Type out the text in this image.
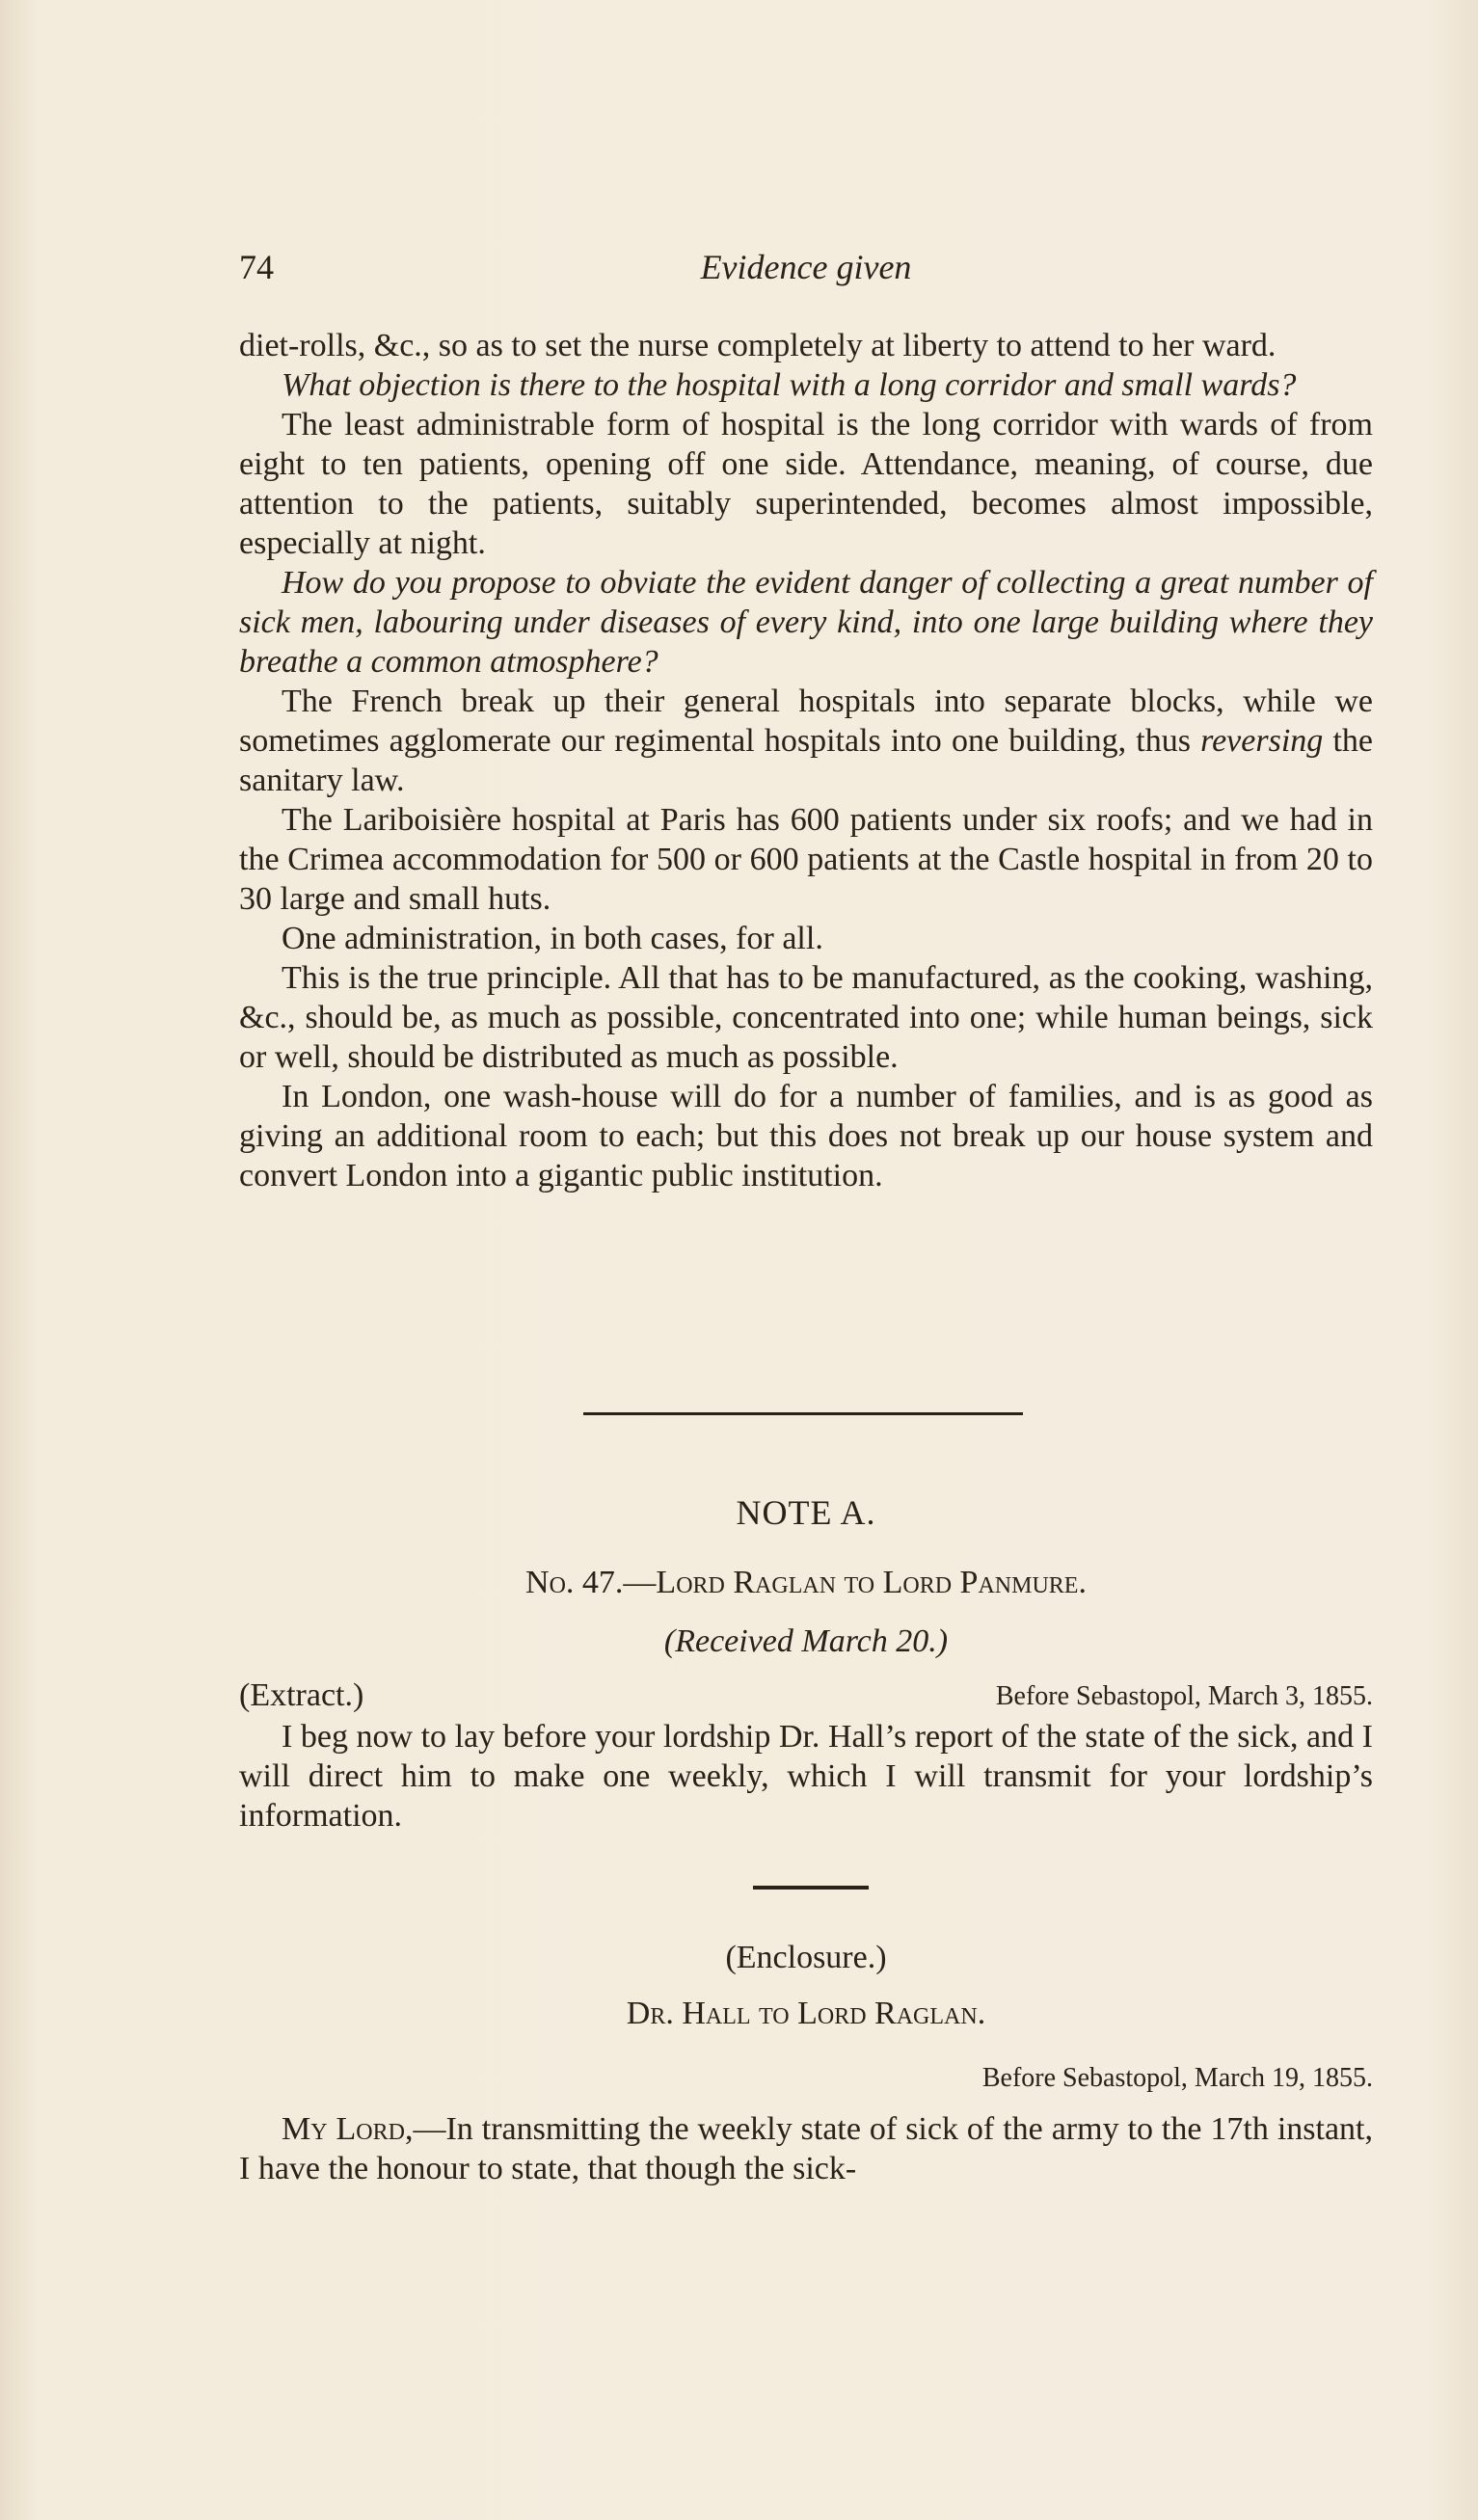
74	Evidence given

diet-rolls, &c., so as to set the nurse completely at liberty to attend to her ward.

What objection is there to the hospital with a long corridor and small wards?

The least administrable form of hospital is the long corridor with wards of from eight to ten patients, opening off one side. Attendance, meaning, of course, due attention to the patients, suitably superintended, becomes almost impossible, especially at night.

How do you propose to obviate the evident danger of collecting a great number of sick men, labouring under diseases of every kind, into one large building where they breathe a common atmosphere?

The French break up their general hospitals into separate blocks, while we sometimes agglomerate our regimental hospitals into one building, thus reversing the sanitary law.

The Lariboisière hospital at Paris has 600 patients under six roofs; and we had in the Crimea accommodation for 500 or 600 patients at the Castle hospital in from 20 to 30 large and small huts.

One administration, in both cases, for all.

This is the true principle. All that has to be manufactured, as the cooking, washing, &c., should be, as much as possible, concentrated into one; while human beings, sick or well, should be distributed as much as possible.

In London, one wash-house will do for a number of families, and is as good as giving an additional room to each; but this does not break up our house system and convert London into a gigantic public institution.

NOTE A.
No. 47.—Lord Raglan to Lord Panmure.
(Received March 20.)
(Extract.)	Before Sebastopol, March 3, 1855.

I beg now to lay before your lordship Dr. Hall’s report of the state of the sick, and I will direct him to make one weekly, which I will transmit for your lordship’s information.

(Enclosure.)
Dr. Hall to Lord Raglan.
Before Sebastopol, March 19, 1855.

My Lord,—In transmitting the weekly state of sick of the army to the 17th instant, I have the honour to state, that though the sick-
